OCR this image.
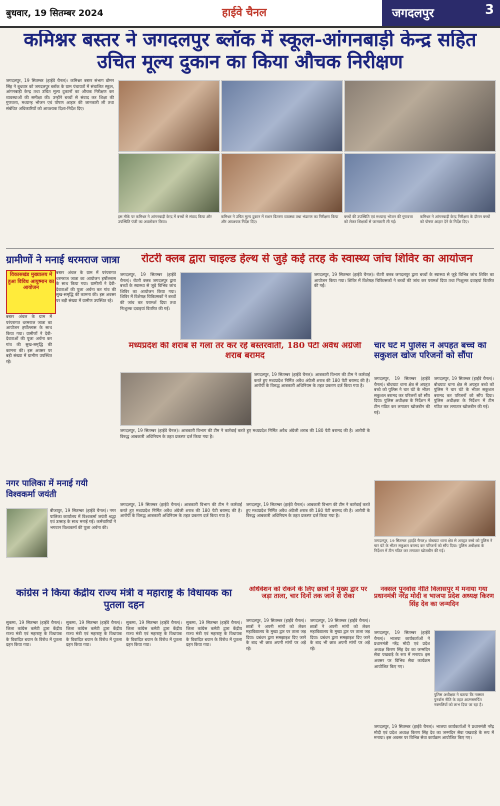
बुधवार, 19 सितम्बर 2024	हाईवे चैनल	जगदलपुर	3
कमिश्नर बस्तर ने जगदलपुर ब्लॉक में स्कूल-आंगनबाड़ी केन्द्र सहित उचित मूल्य दुकान का किया औचक निरीक्षण
जगदलपुर, 19 सितम्बर (हाईवे चैनल)। कमिश्नर बस्तर संभाग डोमन सिंह ने बुधवार को जगदलपुर ब्लॉक के ग्राम पंचायतों में संचालित स्कूल, आंगनबाड़ी केन्द्र तथा उचित मूल्य दुकानों का औचक निरीक्षण कर व्यवस्थाओं की समीक्षा की। उन्होंने बच्चों से संवाद कर शिक्षा की गुणवत्ता, मध्यान्ह भोजन एवं पोषण आहार की जानकारी ली तथा संबंधित अधिकारियों को आवश्यक दिशा-निर्देश दिए।
इस मौके पर कमिश्नर ने आंगनबाड़ी केन्द्र में बच्चों से संवाद किया और उपस्थिति पंजी का अवलोकन किया।
कमिश्नर ने उचित मूल्य दुकान में राशन वितरण व्यवस्था तथा भंडारण का निरीक्षण किया और आवश्यक निर्देश दिए।
बच्चों की उपस्थिति एवं मध्यान्ह भोजन की गुणवत्ता को लेकर शिक्षकों से जानकारी ली गई।
कमिश्नर ने आंगनबाड़ी केन्द्र निरीक्षण के दौरान बच्चों को पोषण आहार देने के निर्देश दिए।
ग्रामीणों ने मनाई धरमराज जात्रा
विकासखंड मुख्यालय में हुआ विविध आयुष्मान का आयोजन
बस्तर अंचल के ग्राम में परंपरागत धरमराज जात्रा का आयोजन हर्षोल्लास के साथ किया गया। ग्रामीणों ने देवी-देवताओं की पूजा अर्चना कर गांव की सुख-समृद्धि की कामना की। इस अवसर पर बड़ी संख्या में ग्रामीण उपस्थित रहे।
बस्तर अंचल के ग्राम में परंपरागत धरमराज जात्रा का आयोजन हर्षोल्लास के साथ किया गया। ग्रामीणों ने देवी-देवताओं की पूजा अर्चना कर गांव की सुख-समृद्धि की कामना की। इस अवसर पर बड़ी संख्या में ग्रामीण उपस्थित रहे।
रोटरी क्लब द्वारा चाइल्ड हेल्थ से जुड़े कई तरह के स्वास्थ्य जांच शिविर का आयोजन
जगदलपुर, 19 सितम्बर (हाईवे चैनल)। रोटरी क्लब जगदलपुर द्वारा बच्चों के स्वास्थ्य से जुड़े विभिन्न जांच शिविर का आयोजन किया गया। शिविर में विशेषज्ञ चिकित्सकों ने बच्चों की जांच कर परामर्श दिया तथा निःशुल्क दवाइयां वितरित की गईं।
जगदलपुर, 19 सितम्बर (हाईवे चैनल)। रोटरी क्लब जगदलपुर द्वारा बच्चों के स्वास्थ्य से जुड़े विभिन्न जांच शिविर का आयोजन किया गया। शिविर में विशेषज्ञ चिकित्सकों ने बच्चों की जांच कर परामर्श दिया तथा निःशुल्क दवाइयां वितरित की गईं।
मध्यप्रदेश की शराब से गला तर कर रहे बस्तरवाती, 180 पेटी अवैध अंग्रेजी शराब बरामद
जगदलपुर, 19 सितम्बर (हाईवे चैनल)। आबकारी विभाग की टीम ने कार्रवाई करते हुए मध्यप्रदेश निर्मित अवैध अंग्रेजी शराब की 180 पेटी बरामद की है। आरोपी के विरुद्ध आबकारी अधिनियम के तहत प्रकरण दर्ज किया गया है।
जगदलपुर, 19 सितम्बर (हाईवे चैनल)। आबकारी विभाग की टीम ने कार्रवाई करते हुए मध्यप्रदेश निर्मित अवैध अंग्रेजी शराब की 180 पेटी बरामद की है। आरोपी के विरुद्ध आबकारी अधिनियम के तहत प्रकरण दर्ज किया गया है।
चार घंटे में पुलिस ने अपहत बच्चे को सकुशल खोज परिजनों को सौंपा
जगदलपुर, 19 सितम्बर (हाईवे चैनल)। बोधघाट थाना क्षेत्र से अपहृत बच्चे को पुलिस ने चार घंटे के भीतर सकुशल बरामद कर परिजनों को सौंप दिया। पुलिस अधीक्षक के निर्देशन में टीम गठित कर लगातार खोजबीन की गई।
जगदलपुर, 19 सितम्बर (हाईवे चैनल)। बोधघाट थाना क्षेत्र से अपहृत बच्चे को पुलिस ने चार घंटे के भीतर सकुशल बरामद कर परिजनों को सौंप दिया। पुलिस अधीक्षक के निर्देशन में टीम गठित कर लगातार खोजबीन की गई।
नगर पालिका में मनाई गयी विश्वकर्मा जयंती
बीजापुर, 19 सितम्बर (हाईवे चैनल)। नगर पालिका कार्यालय में विश्वकर्मा जयंती श्रद्धा एवं उत्साह के साथ मनाई गई। कर्मचारियों ने भगवान विश्वकर्मा की पूजा अर्चना की।
कांग्रेस ने किया केंद्रीय राज्य मंत्री व महाराष्ट्र के विधायक का पुतला दहन
सुकमा, 19 सितम्बर (हाईवे चैनल)। जिला कांग्रेस कमेटी द्वारा केंद्रीय राज्य मंत्री एवं महाराष्ट्र के विधायक के विवादित बयान के विरोध में पुतला दहन किया गया।
सुकमा, 19 सितम्बर (हाईवे चैनल)। जिला कांग्रेस कमेटी द्वारा केंद्रीय राज्य मंत्री एवं महाराष्ट्र के विधायक के विवादित बयान के विरोध में पुतला दहन किया गया।
सुकमा, 19 सितम्बर (हाईवे चैनल)। जिला कांग्रेस कमेटी द्वारा केंद्रीय राज्य मंत्री एवं महाराष्ट्र के विधायक के विवादित बयान के विरोध में पुतला दहन किया गया।
सुकमा, 19 सितम्बर (हाईवे चैनल)। जिला कांग्रेस कमेटी द्वारा केंद्रीय राज्य मंत्री एवं महाराष्ट्र के विधायक के विवादित बयान के विरोध में पुतला दहन किया गया।
जगदलपुर, 19 सितम्बर (हाईवे चैनल)। आबकारी विभाग की टीम ने कार्रवाई करते हुए मध्यप्रदेश निर्मित अवैध अंग्रेजी शराब की 180 पेटी बरामद की है। आरोपी के विरुद्ध आबकारी अधिनियम के तहत प्रकरण दर्ज किया गया है।
जगदलपुर, 19 सितम्बर (हाईवे चैनल)। आबकारी विभाग की टीम ने कार्रवाई करते हुए मध्यप्रदेश निर्मित अवैध अंग्रेजी शराब की 180 पेटी बरामद की है। आरोपी के विरुद्ध आबकारी अधिनियम के तहत प्रकरण दर्ज किया गया है।
जगदलपुर, 19 सितम्बर (हाईवे चैनल)। बोधघाट थाना क्षेत्र से अपहृत बच्चे को पुलिस ने चार घंटे के भीतर सकुशल बरामद कर परिजनों को सौंप दिया। पुलिस अधीक्षक के निर्देशन में टीम गठित कर लगातार खोजबीन की गई।
अधिवेशन को रोकने के लिए छात्रों ने मुख्य द्वार पर जड़ा ताला, चार दिनों तक जाने से रोका
जगदलपुर, 19 सितम्बर (हाईवे चैनल)। छात्रों ने अपनी मांगों को लेकर महाविद्यालय के मुख्य द्वार पर ताला जड़ दिया। प्रबंधन द्वारा समझाइश दिए जाने के बाद भी छात्र अपनी मांगों पर अड़े रहे।
जगदलपुर, 19 सितम्बर (हाईवे चैनल)। छात्रों ने अपनी मांगों को लेकर महाविद्यालय के मुख्य द्वार पर ताला जड़ दिया। प्रबंधन द्वारा समझाइश दिए जाने के बाद भी छात्र अपनी मांगों पर अड़े रहे।
नक्सल पुनर्वास नीति विलासपुर में मनाया गया प्रधानमंत्री नरेंद्र मोदी व भाजपा प्रदेश अध्यक्ष किरण सिंह देव का जन्मदिन
जगदलपुर, 19 सितम्बर (हाईवे चैनल)। भाजपा कार्यकर्ताओं ने प्रधानमंत्री नरेंद्र मोदी एवं प्रदेश अध्यक्ष किरण सिंह देव का जन्मदिन सेवा पखवाड़े के रूप में मनाया। इस अवसर पर विभिन्न सेवा कार्यक्रम आयोजित किए गए।
पुलिस अधीक्षक ने बताया कि नक्सल पुनर्वास नीति के तहत आत्मसमर्पित नक्सलियों को लाभ दिया जा रहा है।
जगदलपुर, 19 सितम्बर (हाईवे चैनल)। भाजपा कार्यकर्ताओं ने प्रधानमंत्री नरेंद्र मोदी एवं प्रदेश अध्यक्ष किरण सिंह देव का जन्मदिन सेवा पखवाड़े के रूप में मनाया। इस अवसर पर विभिन्न सेवा कार्यक्रम आयोजित किए गए।
